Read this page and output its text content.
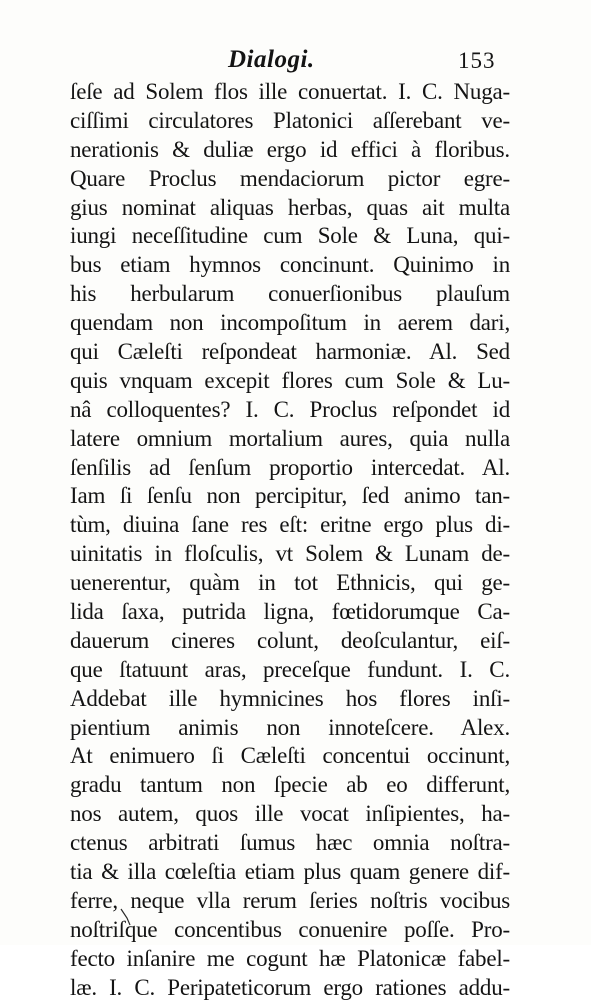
Dialogi.	153
ſeſe ad Solem flos ille conuertat. I. C. Nuga-
ciſſimi circulatores Platonici aſſerebant ve-
nerationis & duliæ ergo id effici à floribus.
Quare Proclus mendaciorum pictor egre-
gius nominat aliquas herbas, quas ait multa
iungi neceſſitudine cum Sole & Luna, qui-
bus etiam hymnos concinunt. Quinimo in
his herbularum conuerſionibus plauſum
quendam non incompoſitum in aerem dari,
qui Cæleſti reſpondeat harmoniæ. Al. Sed
quis vnquam excepit flores cum Sole & Lu-
nâ colloquentes? I. C. Proclus reſpondet id
latere omnium mortalium aures, quia nulla
ſenſilis ad ſenſum proportio intercedat. Al.
Iam ſi ſenſu non percipitur, ſed animo tan-
tùm, diuina ſane res eſt: eritne ergo plus di-
uinitatis in floſculis, vt Solem & Lunam de-
uenerentur, quàm in tot Ethnicis, qui ge-
lida ſaxa, putrida ligna, fœtidorumque Ca-
dauerum cineres colunt, deoſculantur, eiſ-
que ſtatuunt aras, preceſque fundunt. I. C.
Addebat ille hymnicines hos flores inſi-
pientium animis non innoteſcere. Alex.
At enimuero ſi Cæleſti concentui occinunt,
gradu tantum non ſpecie ab eo differunt,
nos autem, quos ille vocat inſipientes, ha-
ctenus arbitrati ſumus hæc omnia noſtra-
tia & illa cœleſtia etiam plus quam genere dif-
ferre, neque vlla rerum ſeries noſtris vocibus
noſtriſque concentibus conuenire poſſe. Pro-
fecto inſanire me cogunt hæ Platonicæ fabel-
læ. I. C. Peripateticorum ergo rationes addu-
